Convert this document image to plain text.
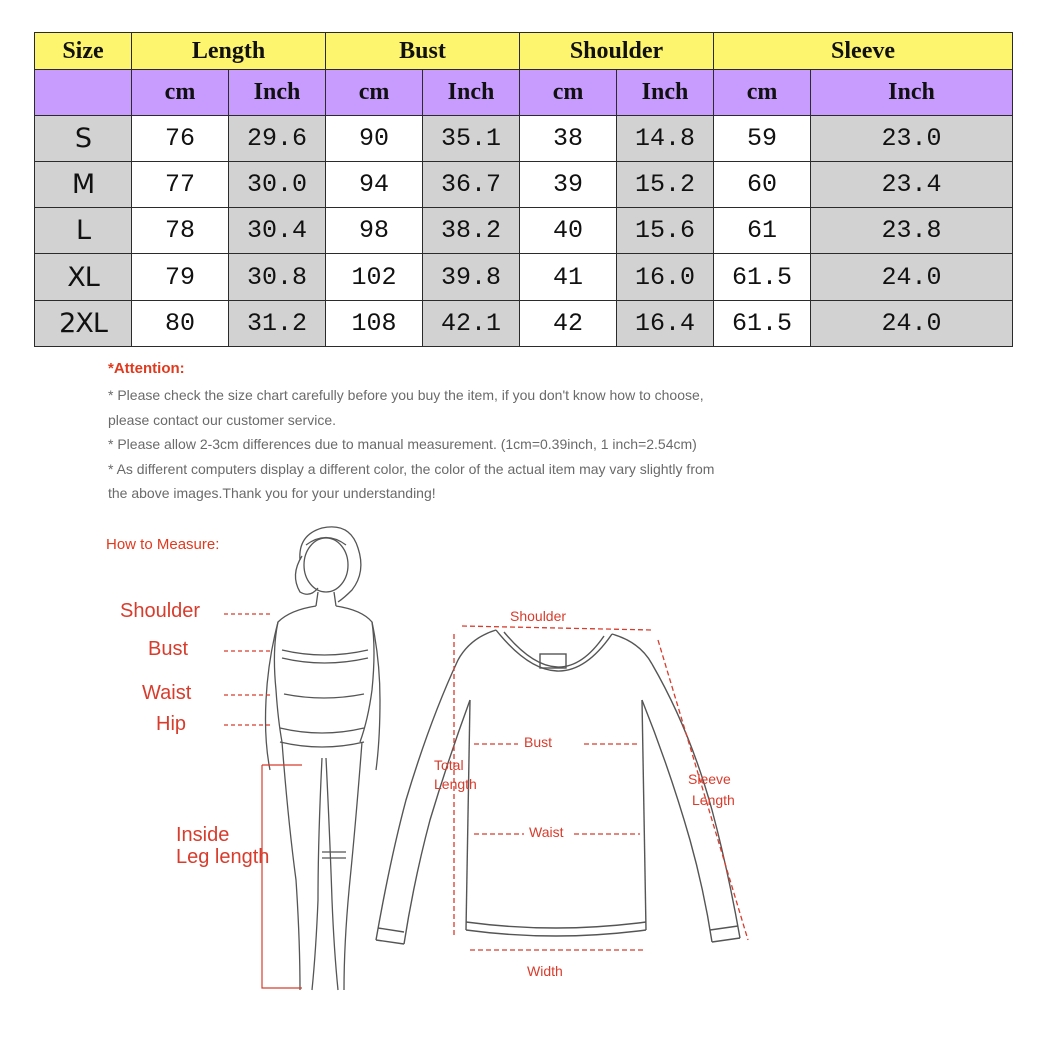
Size	Length		Bust		Shoulder		Sleeve	
	cm	Inch	cm	Inch	cm	Inch	cm	Inch
S	76	29.6	90	35.1	38	14.8	59	23.0
M	77	30.0	94	36.7	39	15.2	60	23.4
L	78	30.4	98	38.2	40	15.6	61	23.8
XL	79	30.8	102	39.8	41	16.0	61.5	24.0
2XL	80	31.2	108	42.1	42	16.4	61.5	24.0

*Attention:

* Please check the size chart carefully before you buy the item, if you don't know how to choose,

please contact our customer service.

* Please allow 2-3cm differences due to manual measurement. (1cm=0.39inch, 1 inch=2.54cm)

* As different computers display a different color, the color of the actual item may vary slightly from

the above images.Thank you for your understanding!

How to Measure:
Shoulder
Bust
Waist
Hip
Inside
Leg length
Shoulder
Bust
Waist
Width
Total
Length	Sleeve
Length
